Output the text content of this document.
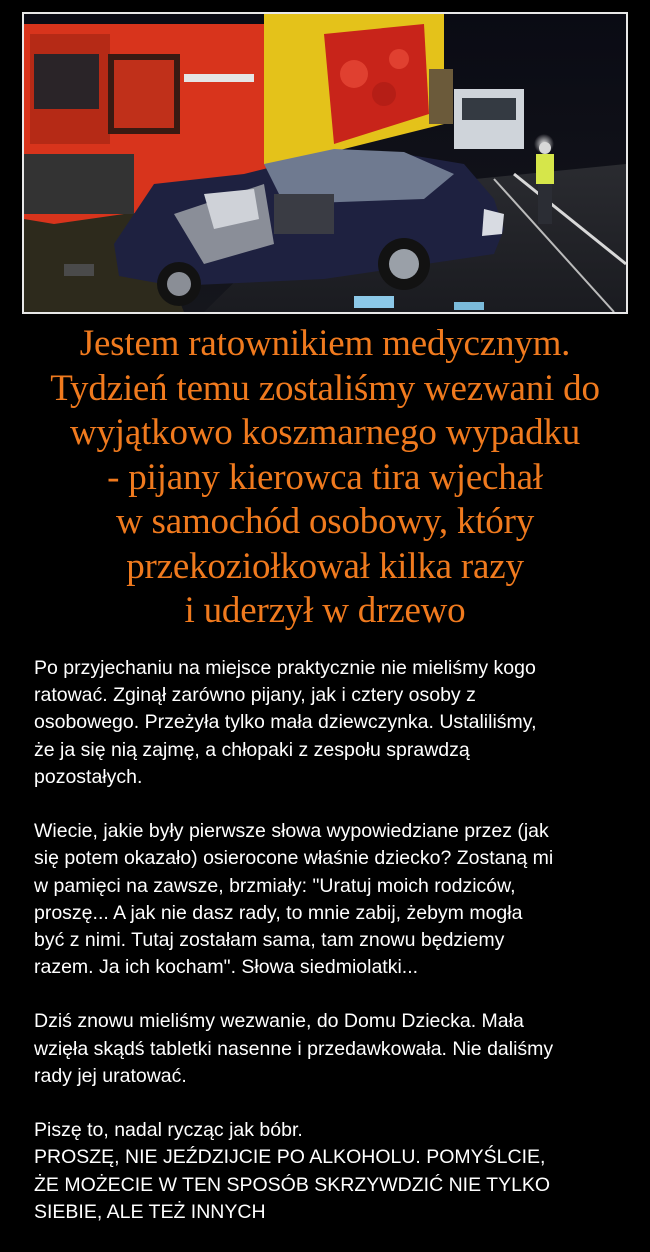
Jestem ratownikiem medycznym.
Tydzień temu zostaliśmy wezwani do
wyjątkowo koszmarnego wypadku
- pijany kierowca tira wjechał
w samochód osobowy, który
przekoziołkował kilka razy
i uderzył w drzewo
Po przyjechaniu na miejsce praktycznie nie mieliśmy kogo
ratować. Zginął zarówno pijany, jak i cztery osoby z
osobowego. Przeżyła tylko mała dziewczynka. Ustaliliśmy,
że ja się nią zajmę, a chłopaki z zespołu sprawdzą
pozostałych.
Wiecie, jakie były pierwsze słowa wypowiedziane przez (jak
się potem okazało) osierocone właśnie dziecko? Zostaną mi
w pamięci na zawsze, brzmiały: "Uratuj moich rodziców,
proszę... A jak nie dasz rady, to mnie zabij, żebym mogła
być z nimi. Tutaj zostałam sama, tam znowu będziemy
razem. Ja ich kocham". Słowa siedmiolatki...
Dziś znowu mieliśmy wezwanie, do Domu Dziecka. Mała
wzięła skądś tabletki nasenne i przedawkowała. Nie daliśmy
rady jej uratować.
Piszę to, nadal rycząc jak bóbr.
PROSZĘ, NIE JEŹDZIJCIE PO ALKOHOLU. POMYŚLCIE,
ŻE MOŻECIE W TEN SPOSÓB SKRZYWDZIĆ NIE TYLKO
SIEBIE, ALE TEŻ INNYCH
